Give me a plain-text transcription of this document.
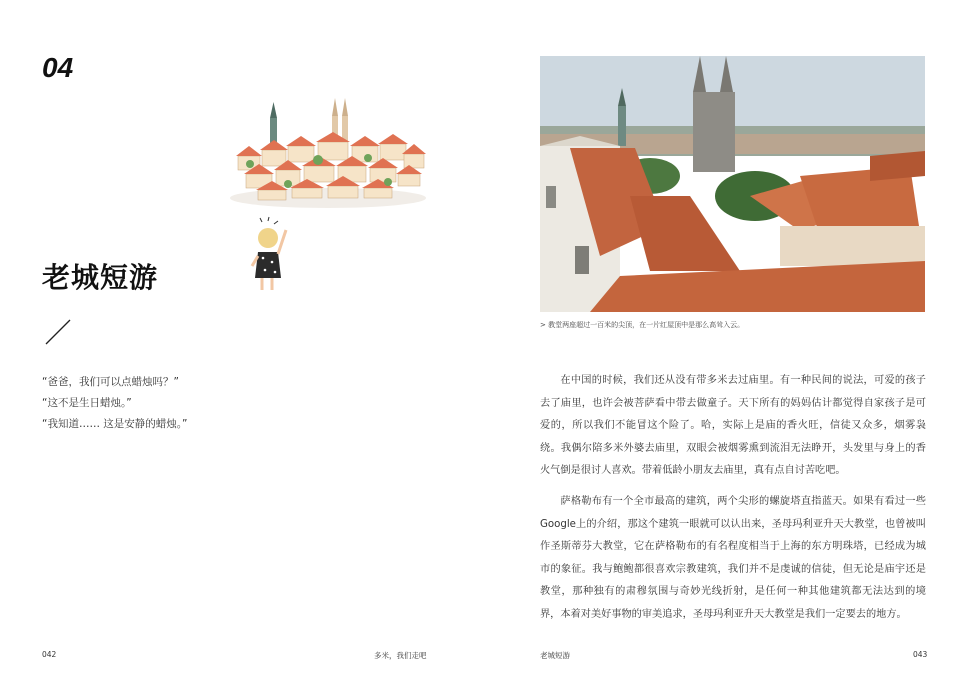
04
老城短游
“爸爸，我们可以点蜡烛吗？”
“这不是生日蜡烛。”
“我知道…… 这是安静的蜡烛。”
042	多米，我们走吧
> 教堂两座超过一百米的尖顶，在一片红屋顶中是那么高耸入云。

在中国的时候，我们还从没有带多米去过庙里。有一种民间的说法，可爱的孩子去了庙里，也许会被菩萨看中带去做童子。天下所有的妈妈估计都觉得自家孩子是可爱的，所以我们不能冒这个险了。哈，实际上是庙的香火旺，信徒又众多，烟雾袅绕。我偶尔陪多米外婆去庙里，双眼会被烟雾熏到流泪无法睁开，头发里与身上的香火气倒是很讨人喜欢。带着低龄小朋友去庙里，真有点自讨苦吃吧。

萨格勒布有一个全市最高的建筑，两个尖形的螺旋塔直指蓝天。如果有看过一些Google上的介绍，那这个建筑一眼就可以认出来，圣母玛利亚升天大教堂，也曾被叫作圣斯蒂芬大教堂，它在萨格勒布的有名程度相当于上海的东方明珠塔，已经成为城市的象征。我与鲍鲍都很喜欢宗教建筑，我们并不是虔诚的信徒，但无论是庙宇还是教堂，那种独有的肃穆氛围与奇妙光线折射，是任何一种其他建筑都无法达到的境界，本着对美好事物的审美追求，圣母玛利亚升天大教堂是我们一定要去的地方。

老城短游	043
